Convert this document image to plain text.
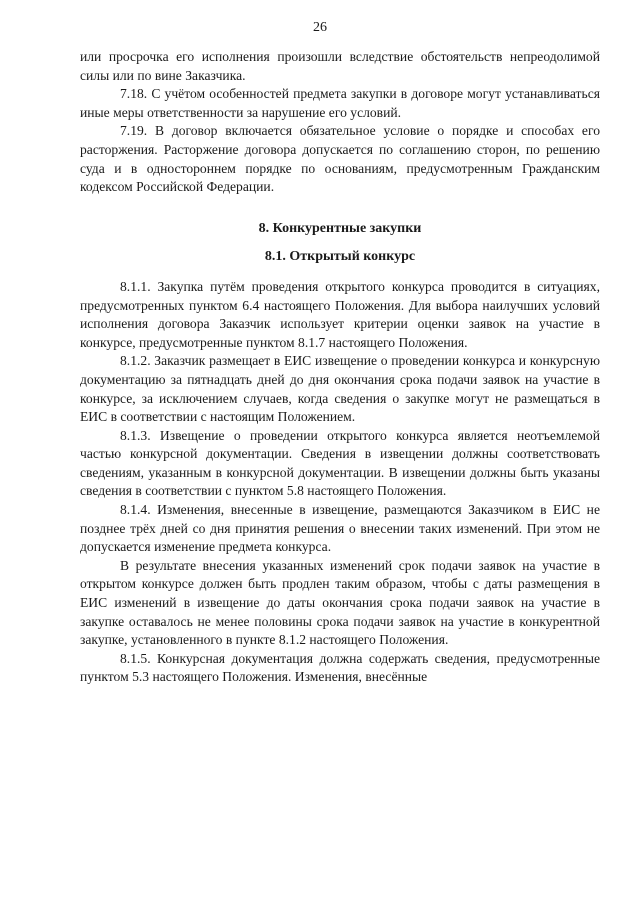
26

или просрочка его исполнения произошли вследствие обстоятельств непреодолимой силы или по вине Заказчика.

7.18. С учётом особенностей предмета закупки в договоре могут устанавливаться иные меры ответственности за нарушение его условий.

7.19. В договор включается обязательное условие о порядке и способах его расторжения. Расторжение договора допускается по соглашению сторон, по решению суда и в одностороннем порядке по основаниям, предусмотренным Гражданским кодексом Российской Федерации.

8. Конкурентные закупки
8.1. Открытый конкурс

8.1.1. Закупка путём проведения открытого конкурса проводится в ситуациях, предусмотренных пунктом 6.4 настоящего Положения. Для выбора наилучших условий исполнения договора Заказчик использует критерии оценки заявок на участие в конкурсе, предусмотренные пунктом 8.1.7 настоящего Положения.

8.1.2. Заказчик размещает в ЕИС извещение о проведении конкурса и конкурсную документацию за пятнадцать дней до дня окончания срока подачи заявок на участие в конкурсе, за исключением случаев, когда сведения о закупке могут не размещаться в ЕИС в соответствии с настоящим Положением.

8.1.3. Извещение о проведении открытого конкурса является неотъемлемой частью конкурсной документации. Сведения в извещении должны соответствовать сведениям, указанным в конкурсной документации. В извещении должны быть указаны сведения в соответствии с пунктом 5.8 настоящего Положения.

8.1.4. Изменения, внесенные в извещение, размещаются Заказчиком в ЕИС не позднее трёх дней со дня принятия решения о внесении таких изменений. При этом не допускается изменение предмета конкурса.

В результате внесения указанных изменений срок подачи заявок на участие в открытом конкурсе должен быть продлен таким образом, чтобы с даты размещения в ЕИС изменений в извещение до даты окончания срока подачи заявок на участие в закупке оставалось не менее половины срока подачи заявок на участие в конкурентной закупке, установленного в пункте 8.1.2 настоящего Положения.

8.1.5. Конкурсная документация должна содержать сведения, предусмотренные пунктом 5.3 настоящего Положения. Изменения, внесённые
